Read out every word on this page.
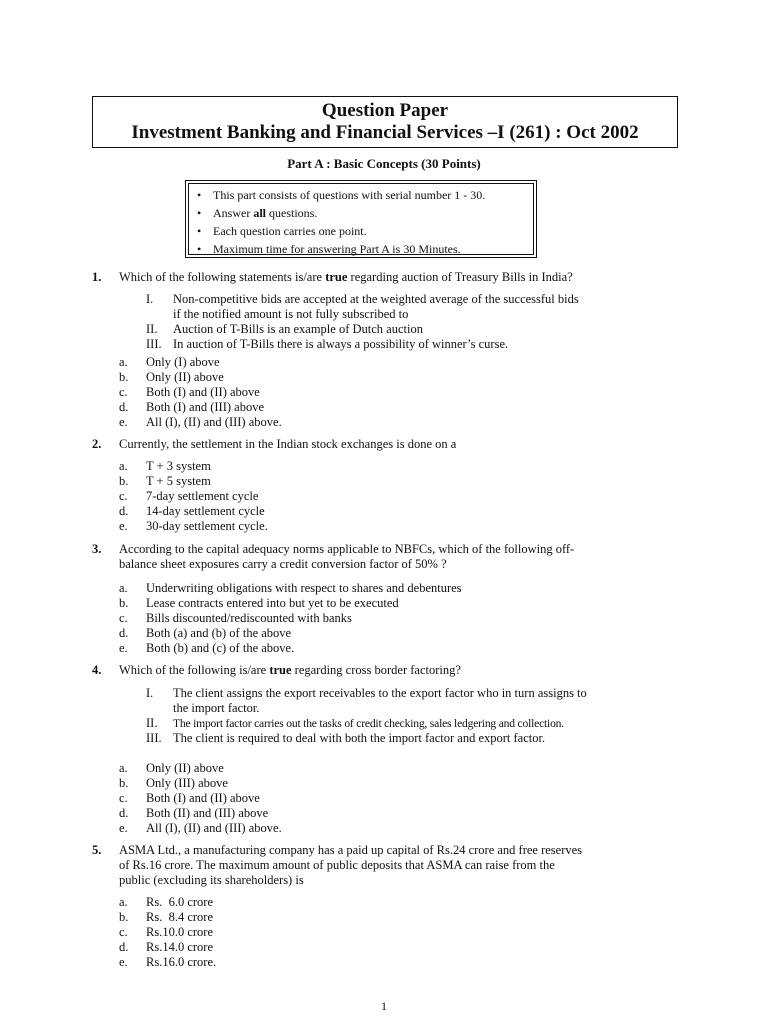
Question Paper
Investment Banking and Financial Services –I (261) : Oct 2002
Part A : Basic Concepts (30 Points)
• This part consists of questions with serial number 1 - 30.
• Answer all questions.
• Each question carries one point.
• Maximum time for answering Part A is 30 Minutes.
1. Which of the following statements is/are true regarding auction of Treasury Bills in India?
I.	Non-competitive bids are accepted at the weighted average of the successful bids
if the notified amount is not fully subscribed to
II.	Auction of T-Bills is an example of Dutch auction
III. In auction of T-Bills there is always a possibility of winner’s curse.
a.	Only (I) above
b.	Only (II) above
c.	Both (I) and (II) above
d.	Both (I) and (III) above
e.	All (I), (II) and (III) above.
2. Currently, the settlement in the Indian stock exchanges is done on a
a.	T + 3 system
b.	T + 5 system
c.	7-day settlement cycle
d.	14-day settlement cycle
e.	30-day settlement cycle.
3. According to the capital adequacy norms applicable to NBFCs, which of the following off-
balance sheet exposures carry a credit conversion factor of 50% ?
a.	Underwriting obligations with respect to shares and debentures
b.	Lease contracts entered into but yet to be executed
c.	Bills discounted/rediscounted with banks
d.	Both (a) and (b) of the above
e.	Both (b) and (c) of the above.
4. Which of the following is/are true regarding cross border factoring?
I.	The client assigns the export receivables to the export factor who in turn assigns to
the import factor.
II.	The import factor carries out the tasks of credit checking, sales ledgering and collection.
III. The client is required to deal with both the import factor and export factor.
a.	Only (II) above
b.	Only (III) above
c.	Both (I) and (II) above
d.	Both (II) and (III) above
e.	All (I), (II) and (III) above.
5. ASMA Ltd., a manufacturing company has a paid up capital of Rs.24 crore and free reserves
of Rs.16 crore. The maximum amount of public deposits that ASMA can raise from the
public (excluding its shareholders) is
a.	Rs.  6.0 crore
b.	Rs.  8.4 crore
c.	Rs.10.0 crore
d.	Rs.14.0 crore
e.	Rs.16.0 crore.
1
